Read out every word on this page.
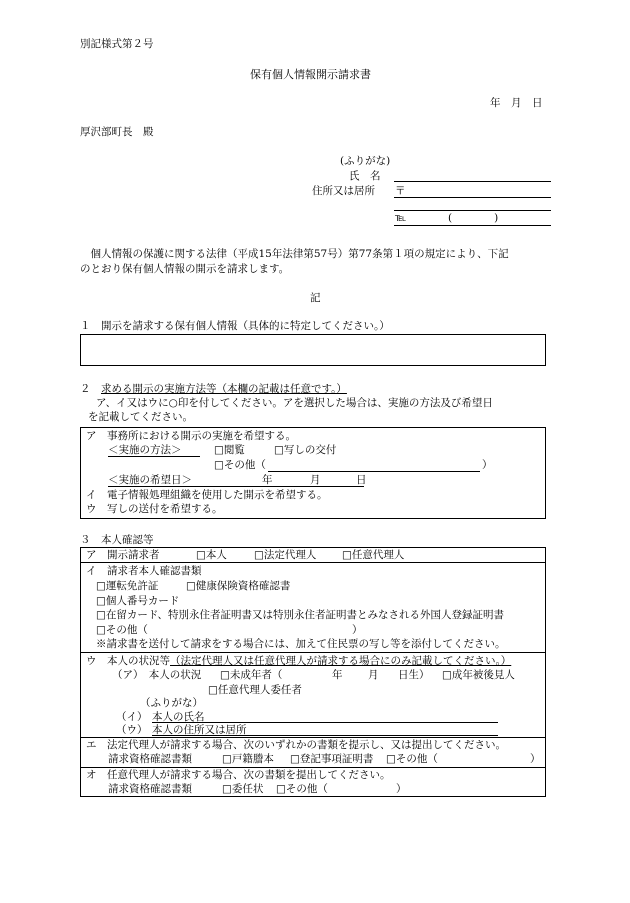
別記様式第２号
保有個人情報開示請求書
年　月　日
厚沢部町長　殿
(ふりがな)
氏　名
住所又は居所 〒
℡	(　　　　)
　個人情報の保護に関する法律（平成15年法律第57号）第77条第１項の規定により、下記
のとおり保有個人情報の開示を請求します。
記
１　開示を請求する保有個人情報（具体的に特定してください。）
２　求める開示の実施方法等（本欄の記載は任意です。）
ア、イ又はウに○印を付してください。アを選択した場合は、実施の方法及び希望日
を記載してください。
ア　事務所における開示の実施を希望する。
＜実施の方法＞	□閲覧	□写しの交付
□その他（	）
＜実施の希望日＞	年	月	日
イ　電子情報処理組織を使用した開示を希望する。
ウ　写しの送付を希望する。
３　本人確認等
ア　開示請求者	□本人	□法定代理人 □任意代理人
イ　請求者本人確認書類
□運転免許証	□健康保険資格確認書
□個人番号カード
□在留カード、特別永住者証明書又は特別永住者証明書とみなされる外国人登録証明書
□その他（	）
※請求書を送付して請求をする場合には、加えて住民票の写し等を添付してください。
ウ　本人の状況等（法定代理人又は任意代理人が請求する場合にのみ記載してください。）
（ア）　本人の状況 □未成年者（	年 月 日生） □成年被後見人
□任意代理人委任者
（ふりがな）
（イ） 本人の氏名
（ウ） 本人の住所又は居所
エ　法定代理人が請求する場合、次のいずれかの書類を提示し、又は提出してください。
請求資格確認書類	□戸籍謄本 □登記事項証明書 □その他（	）
オ　任意代理人が請求する場合、次の書類を提出してください。
請求資格確認書類	□委任状 □その他（	）
